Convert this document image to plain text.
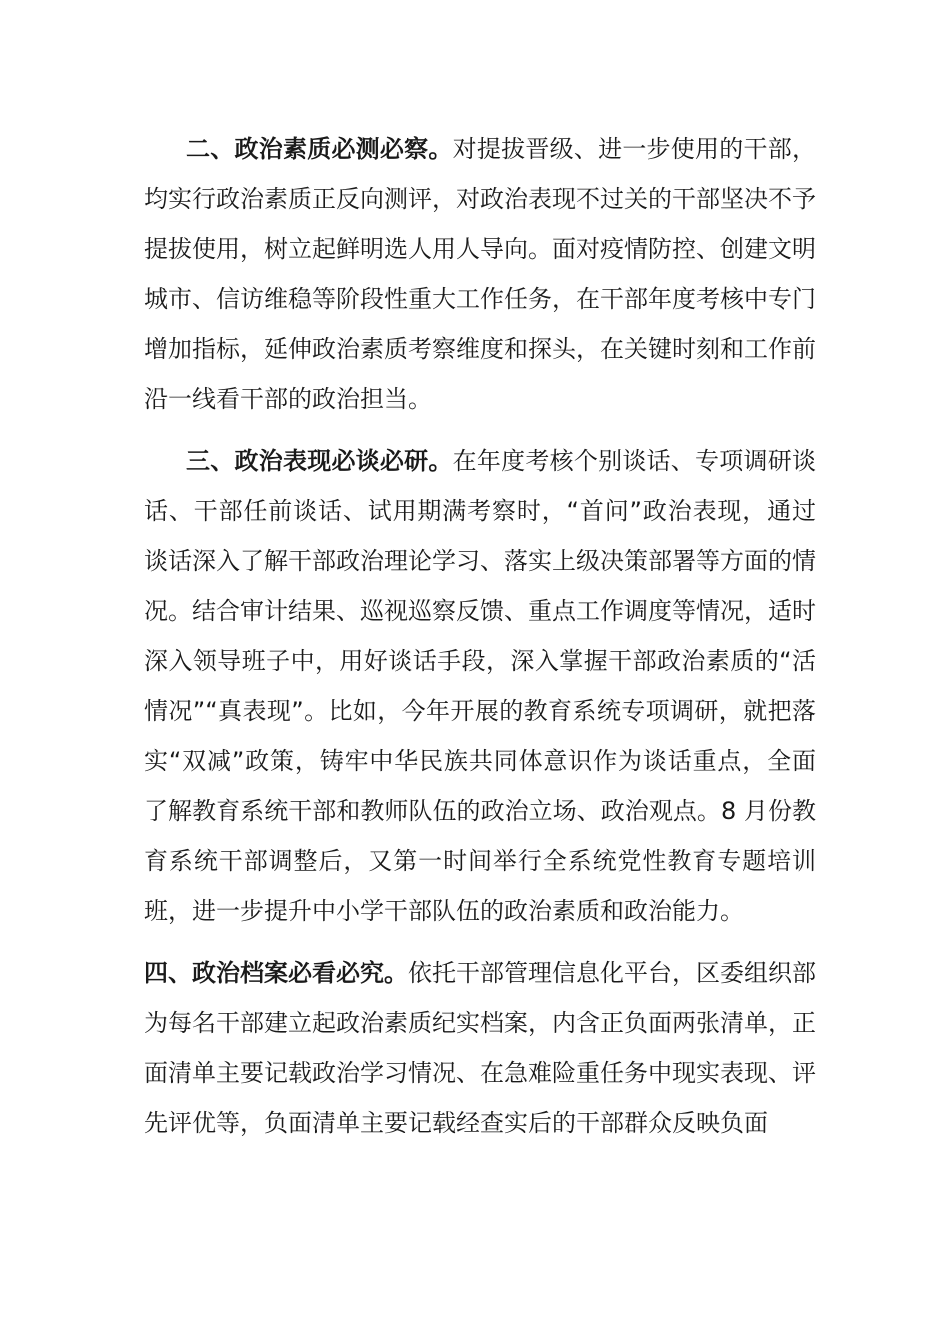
二、政治素质必测必察。对提拔晋级、进一步使用的干部，均实行政治素质正反向测评，对政治表现不过关的干部坚决不予提拔使用，树立起鲜明选人用人导向。面对疫情防控、创建文明城市、信访维稳等阶段性重大工作任务，在干部年度考核中专门增加指标，延伸政治素质考察维度和探头，在关键时刻和工作前沿一线看干部的政治担当。

三、政治表现必谈必研。在年度考核个别谈话、专项调研谈话、干部任前谈话、试用期满考察时，“首问”政治表现，通过谈话深入了解干部政治理论学习、落实上级决策部署等方面的情况。结合审计结果、巡视巡察反馈、重点工作调度等情况，适时深入领导班子中，用好谈话手段，深入掌握干部政治素质的“活情况”“真表现”。比如，今年开展的教育系统专项调研，就把落实“双减”政策，铸牢中华民族共同体意识作为谈话重点，全面了解教育系统干部和教师队伍的政治立场、政治观点。8 月份教育系统干部调整后，又第一时间举行全系统党性教育专题培训班，进一步提升中小学干部队伍的政治素质和政治能力。

四、政治档案必看必究。依托干部管理信息化平台，区委组织部为每名干部建立起政治素质纪实档案，内含正负面两张清单，正面清单主要记载政治学习情况、在急难险重任务中现实表现、评先评优等，负面清单主要记载经查实后的干部群众反映负面
